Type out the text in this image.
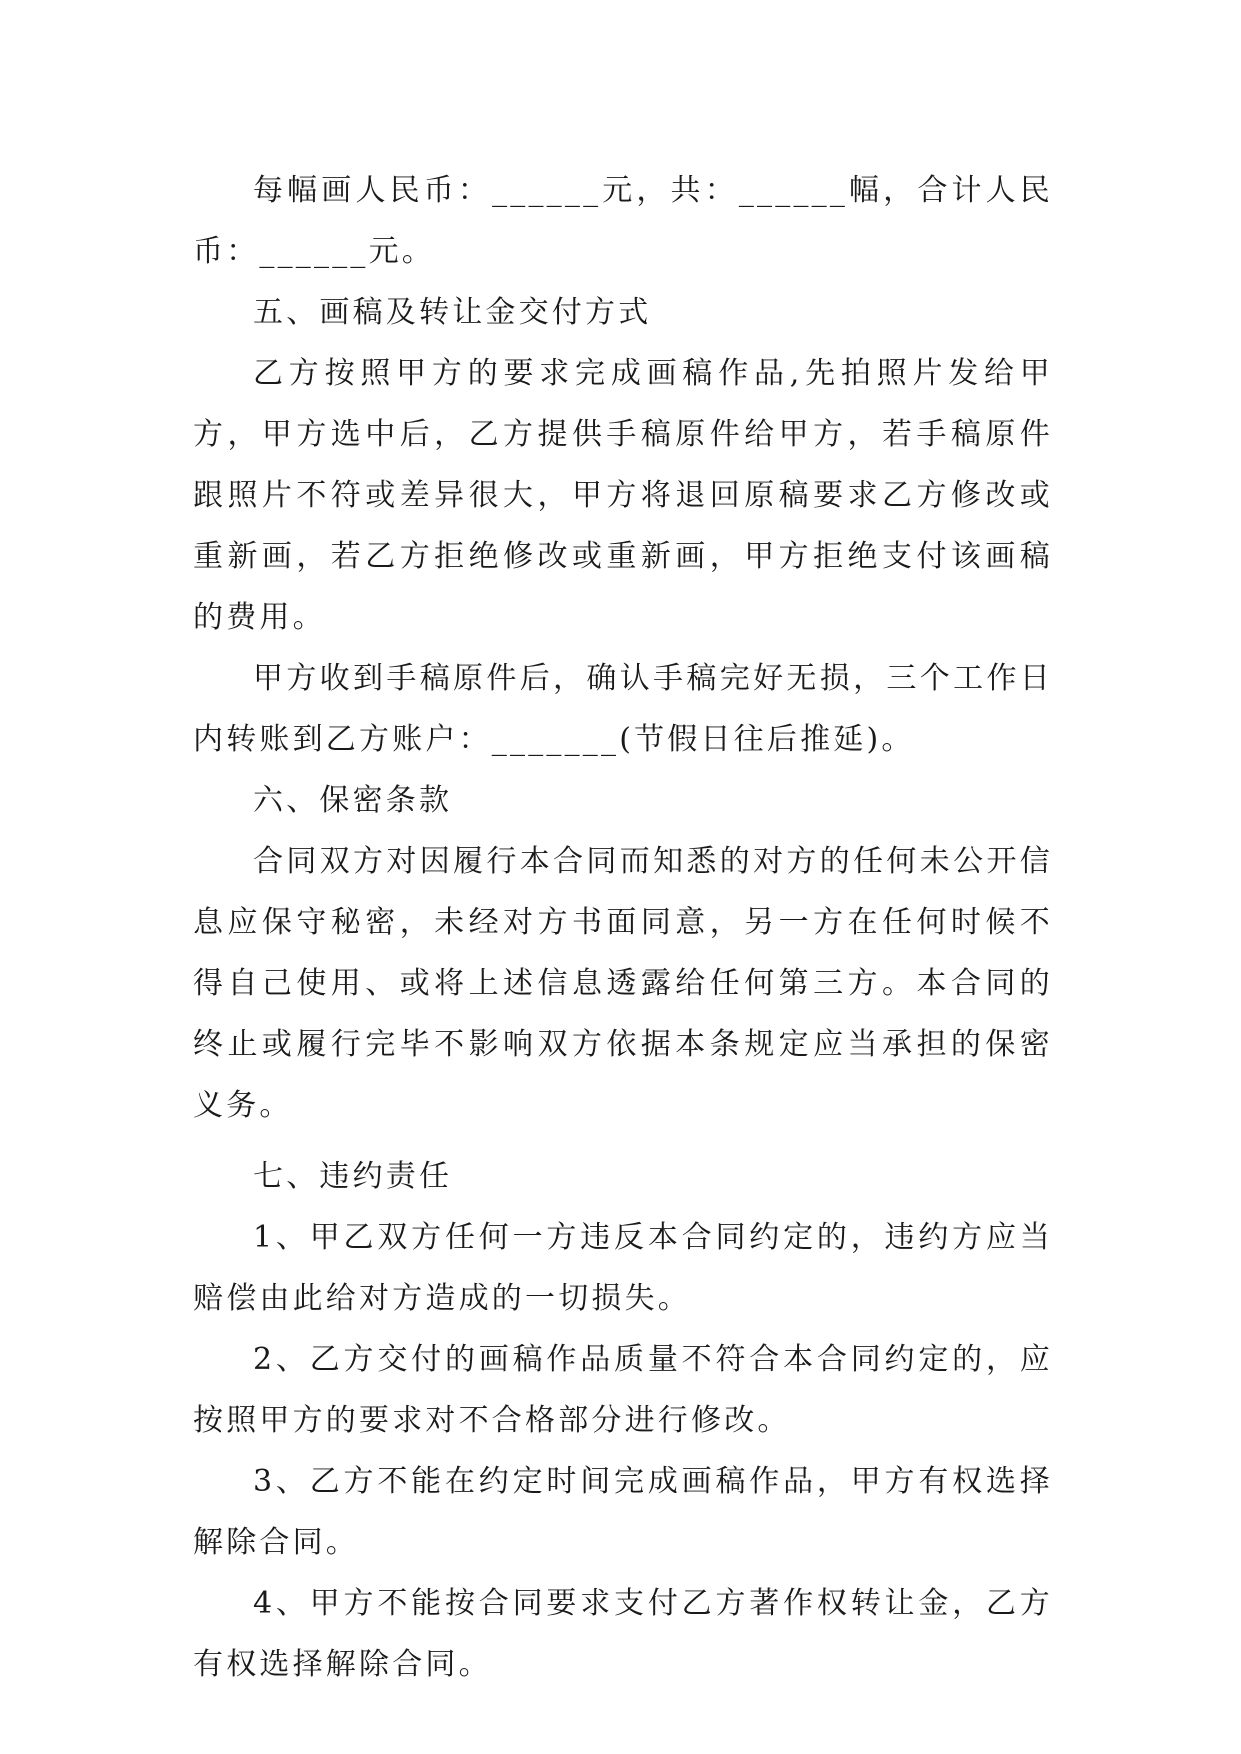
每幅画人民币：______元，共：______幅，合计人民币：______元。

五、画稿及转让金交付方式

乙方按照甲方的要求完成画稿作品,先拍照片发给甲方，甲方选中后，乙方提供手稿原件给甲方，若手稿原件跟照片不符或差异很大，甲方将退回原稿要求乙方修改或重新画，若乙方拒绝修改或重新画，甲方拒绝支付该画稿的费用。

甲方收到手稿原件后，确认手稿完好无损，三个工作日内转账到乙方账户：_______(节假日往后推延)。

六、保密条款

合同双方对因履行本合同而知悉的对方的任何未公开信息应保守秘密，未经对方书面同意，另一方在任何时候不得自己使用、或将上述信息透露给任何第三方。本合同的终止或履行完毕不影响双方依据本条规定应当承担的保密义务。

七、违约责任

1、甲乙双方任何一方违反本合同约定的，违约方应当赔偿由此给对方造成的一切损失。

2、乙方交付的画稿作品质量不符合本合同约定的，应按照甲方的要求对不合格部分进行修改。

3、乙方不能在约定时间完成画稿作品，甲方有权选择解除合同。

4、甲方不能按合同要求支付乙方著作权转让金，乙方有权选择解除合同。
